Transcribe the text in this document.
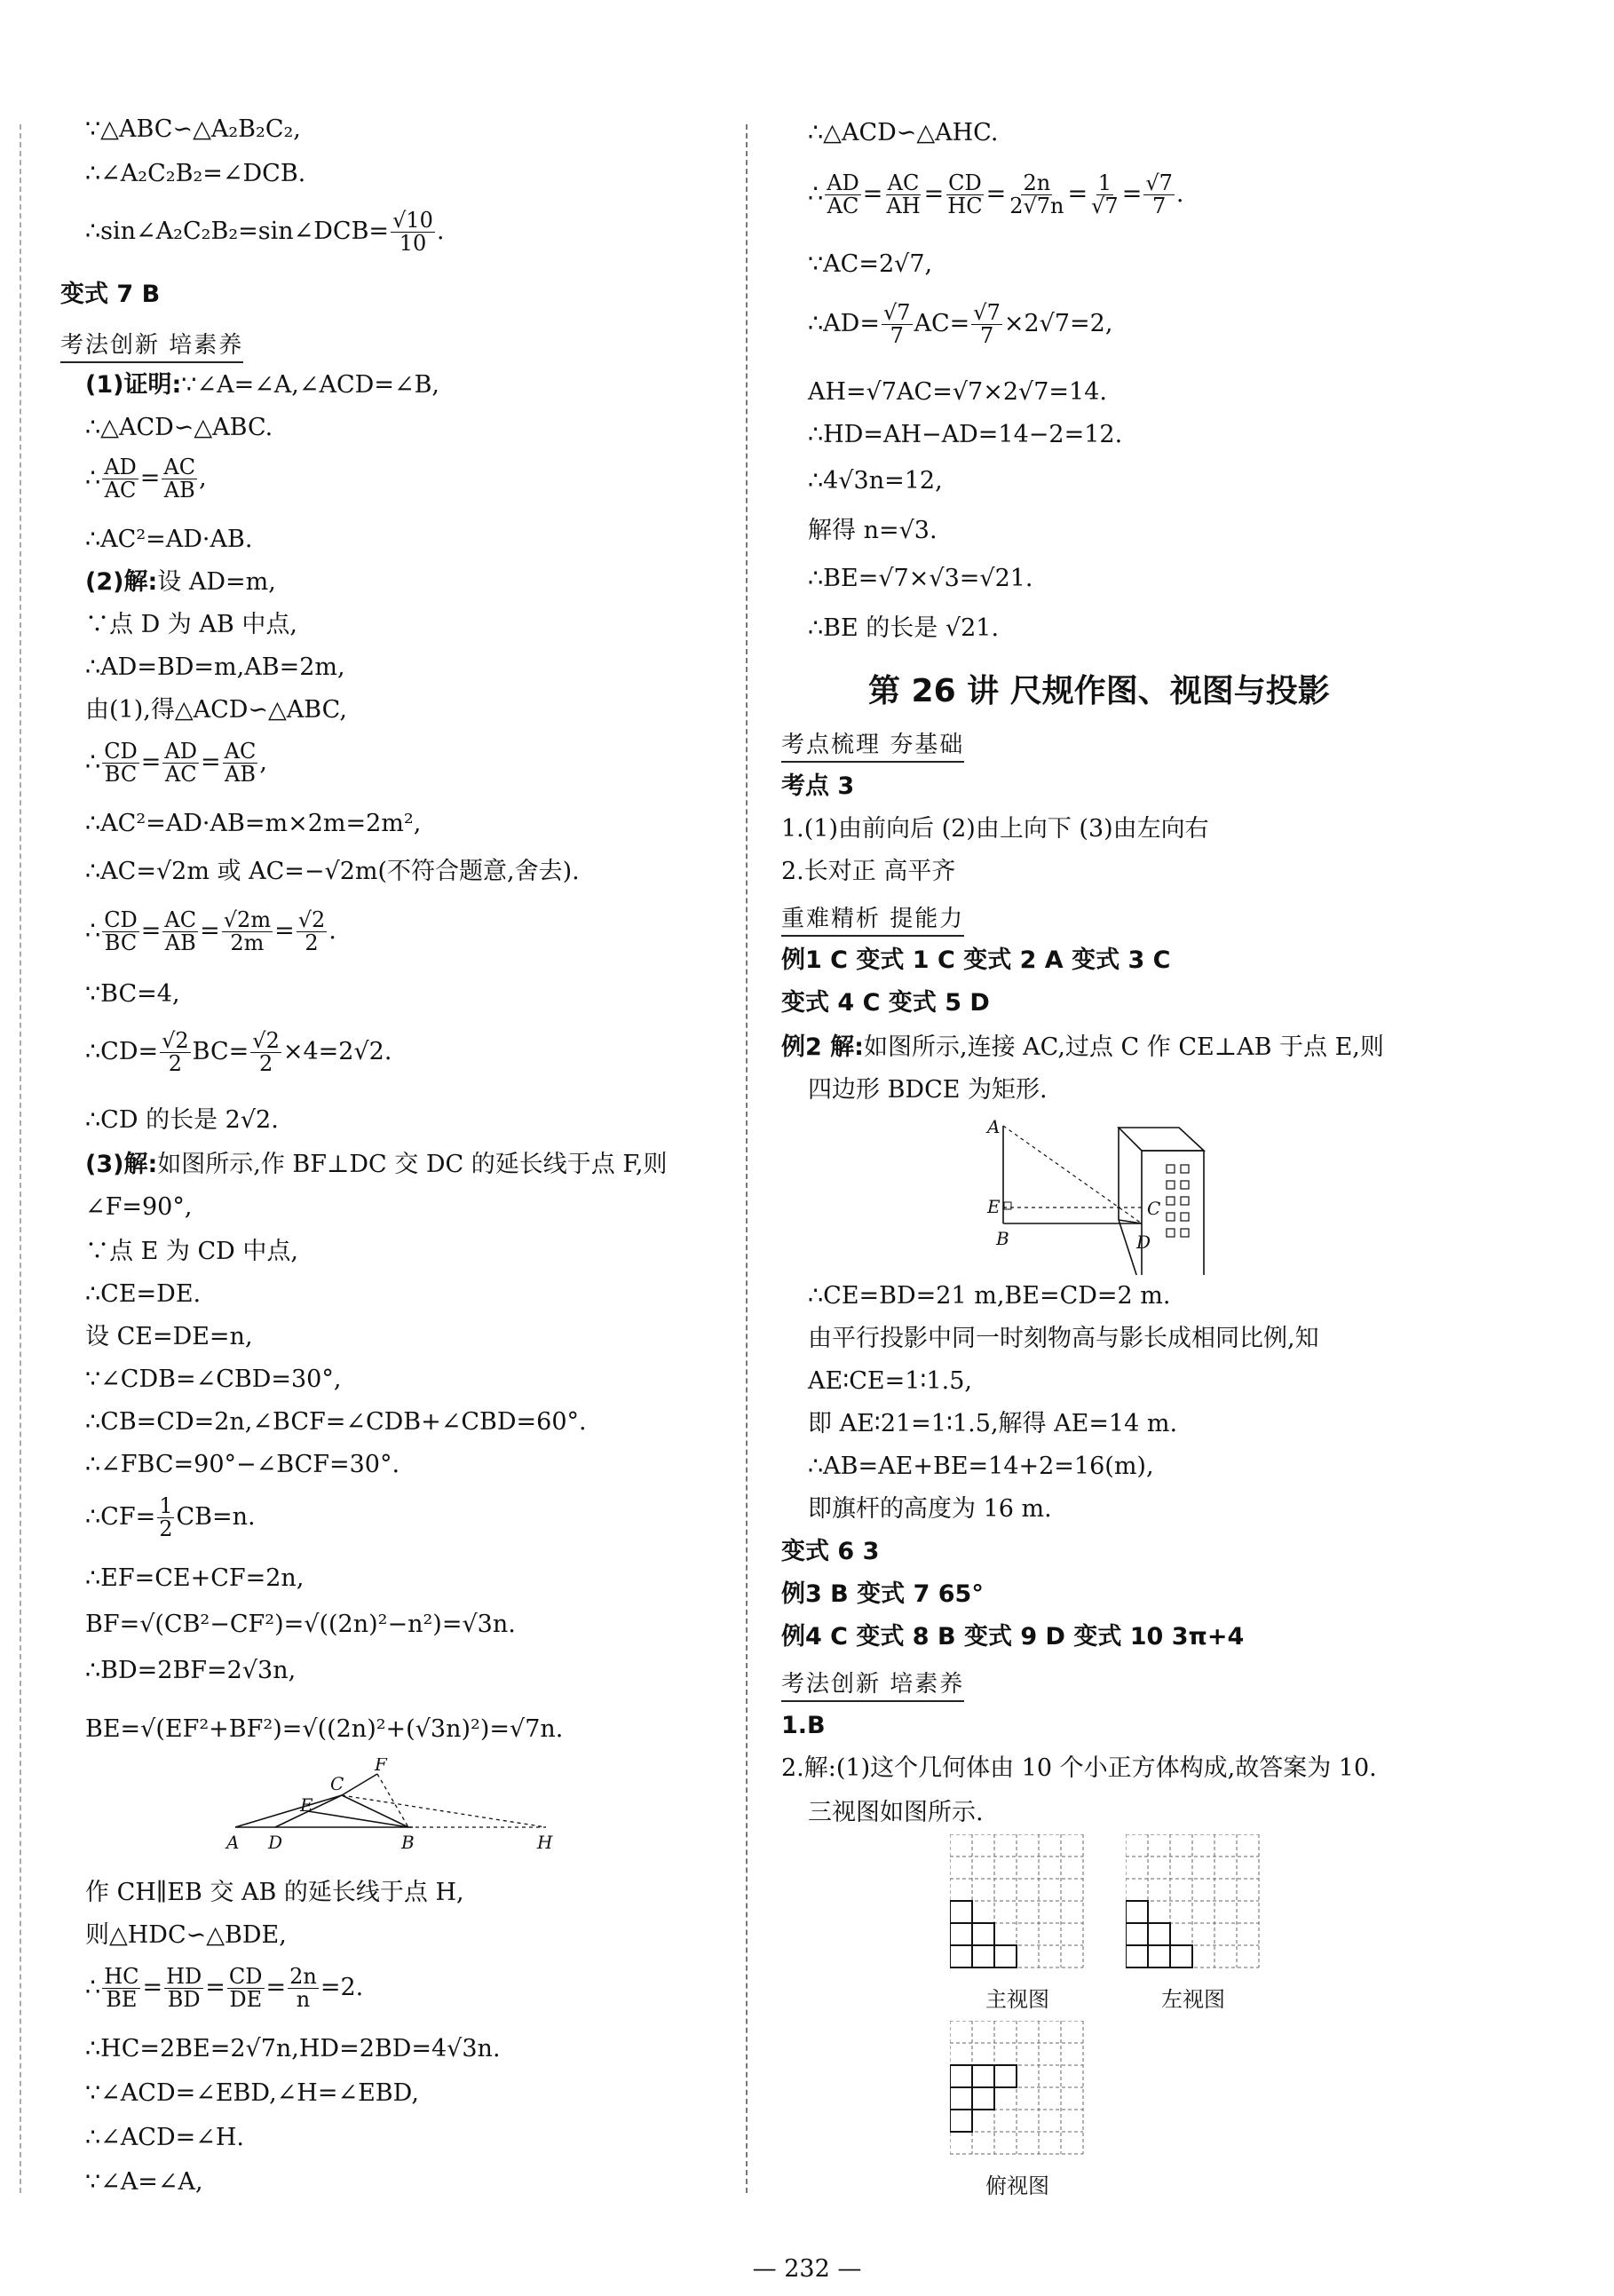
∵△ABC∽△A₂B₂C₂,
∴∠A₂C₂B₂=∠DCB.
∴sin∠A₂C₂B₂=sin∠DCB= $\frac{√10}{10}$ .
变式 7 B
考法创新 培素养
(1)证明:∵∠A=∠A,∠ACD=∠B,
∴△ACD∽△ABC.
∴ $\frac{AD}{AC} = \frac{AC}{AB}$ ,
∴AC²=AD·AB.
(2)解:设 AD=m,
∵点 D 为 AB 中点,
∴AD=BD=m,AB=2m,
由(1),得△ACD∽△ABC,
∴ $\frac{CD}{BC} = \frac{AD}{AC} = \frac{AC}{AB}$ ,
∴AC²=AD·AB=m×2m=2m²,
∴AC=√2m 或 AC=−√2m(不符合题意,舍去).
∴ $\frac{CD}{BC} = \frac{AC}{AB} = \frac{√2m}{2m} = \frac{√2}{2}$ .
∵BC=4,
∴CD= $\frac{√2}{2} BC= \frac{√2}{2} \times 4=2√2$.
∴CD 的长是 2√2.
(3)解:如图所示,作 BF⊥DC 交 DC 的延长线于点 F,则
∠F=90°,
∵点 E 为 CD 中点,
∴CE=DE.
设 CE=DE=n,
∵∠CDB=∠CBD=30°,
∴CB=CD=2n,∠BCF=∠CDB+∠CBD=60°.
∴∠FBC=90°−∠BCF=30°.
∴CF= $\frac{1}{2} CB=n$.
∴EF=CE+CF=2n,
BF=√(CB²−CF²)=√((2n)²−n²)=√3n.
∴BD=2BF=2√3n,
BE=√(EF²+BF²)=√((2n)²+(√3n)²)=√7n.
A D	B	H
C
E
F
作 CH∥EB 交 AB 的延长线于点 H,
则△HDC∽△BDE,
∴ $\frac{HC}{BE} = \frac{HD}{BD} = \frac{CD}{DE} = \frac{2n}{n} =2$.
∴HC=2BE=2√7n,HD=2BD=4√3n.
∵∠ACD=∠EBD,∠H=∠EBD,
∴∠ACD=∠H.
∵∠A=∠A,
∴△ACD∽△AHC.
∴ $\frac{AD}{AC} = \frac{AC}{AH} = \frac{CD}{HC} = \frac{2n}{2√7n} = \frac{1}{√7} = \frac{√7}{7}$ .
∵AC=2√7,
∴AD= $\frac{√7}{7} AC= \frac{√7}{7} \times 2√7=2$,
AH=√7AC=√7×2√7=14.
∴HD=AH−AD=14−2=12.
∴4√3n=12,
解得 n=√3.
∴BE=√7×√3=√21.
∴BE 的长是 √21.
第 26 讲 尺规作图、视图与投影
考点梳理 夯基础
考点 3
1.(1)由前向后 (2)由上向下 (3)由左向右
2.长对正 高平齐
重难精析 提能力
例1 C 变式 1 C 变式 2 A 变式 3 C
变式 4 C 变式 5 D
例2 解:如图所示,连接 AC,过点 C 作 CE⊥AB 于点 E,则
四边形 BDCE 为矩形.
A
E
B
C
D
∴CE=BD=21 m,BE=CD=2 m.
由平行投影中同一时刻物高与影长成相同比例,知
AE∶CE=1∶1.5,
即 AE∶21=1∶1.5,解得 AE=14 m.
∴AB=AE+BE=14+2=16(m),
即旗杆的高度为 16 m.
变式 6 3
例3 B 变式 7 65°
例4 C 变式 8 B 变式 9 D 变式 10 3π+4
考法创新 培素养
1.B
2.解:(1)这个几何体由 10 个小正方体构成,故答案为 10.
三视图如图所示.
主视图	左视图
俯视图
— 232 —
